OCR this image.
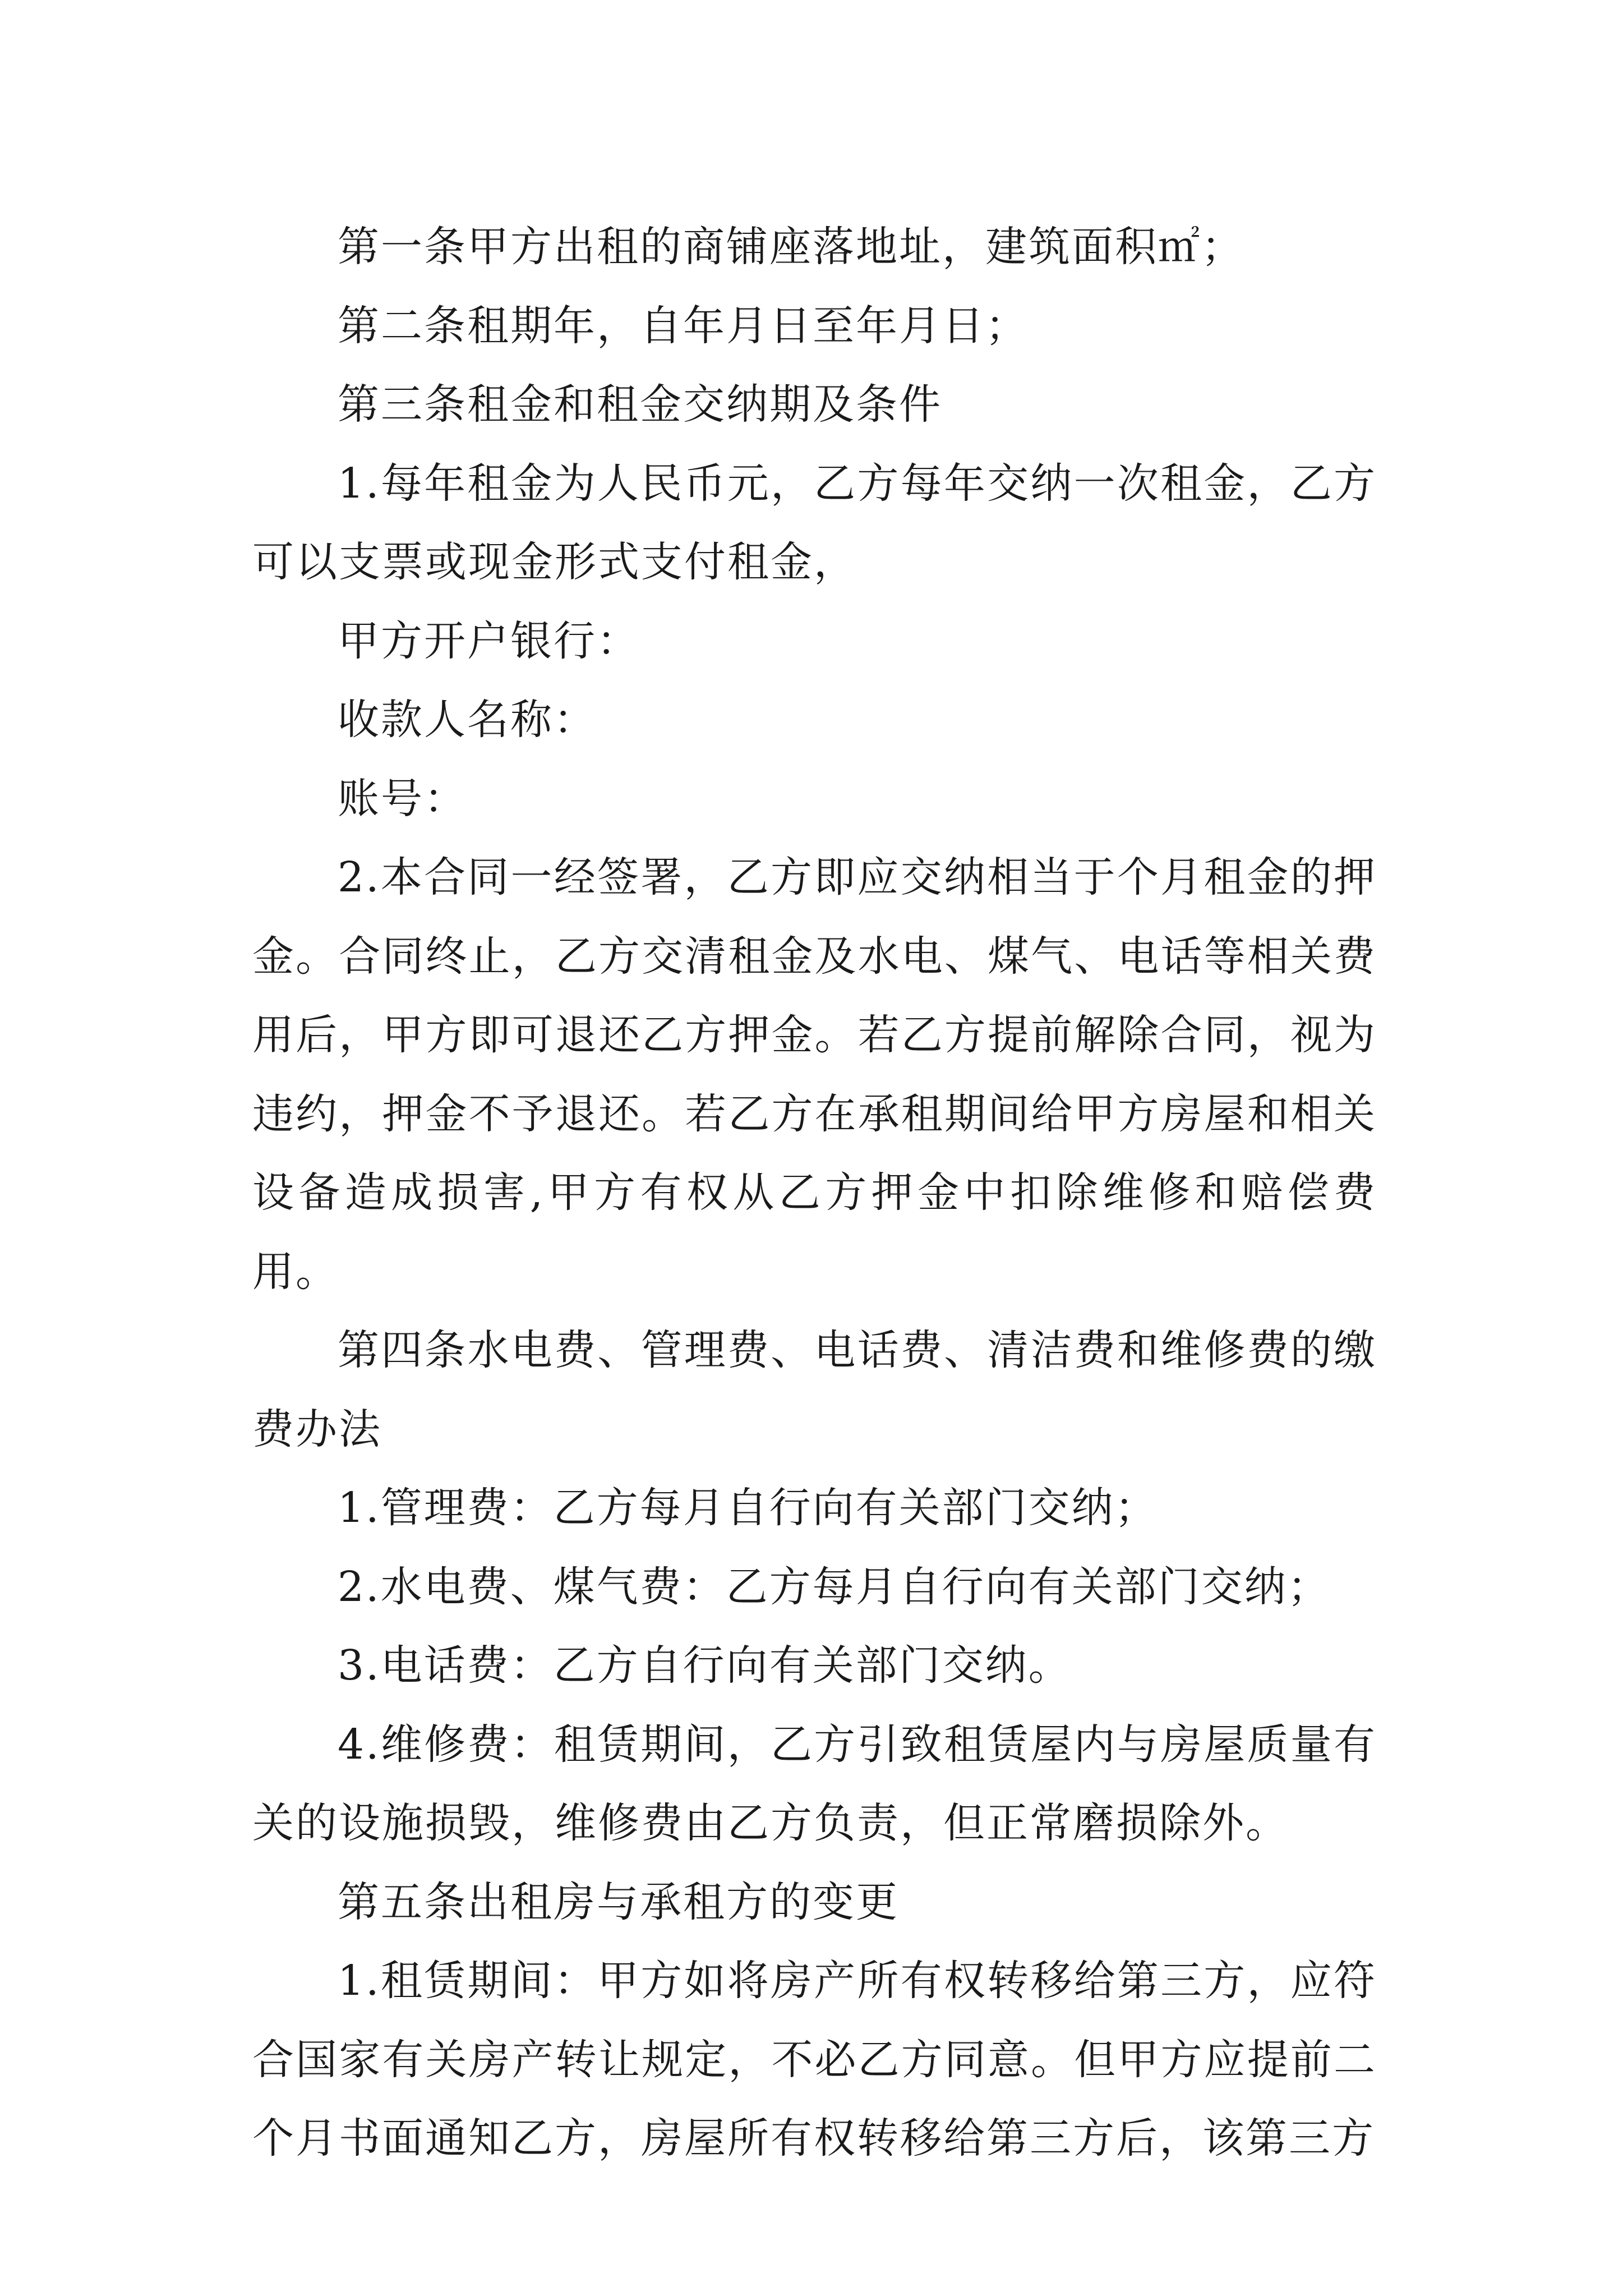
第一条甲方出租的商铺座落地址，建筑面积㎡；

第二条租期年，自年月日至年月日；

第三条租金和租金交纳期及条件

1.每年租金为人民币元，乙方每年交纳一次租金，乙方可以支票或现金形式支付租金，

甲方开户银行：

收款人名称：

账号：

2.本合同一经签署，乙方即应交纳相当于个月租金的押金。合同终止，乙方交清租金及水电、煤气、电话等相关费用后，甲方即可退还乙方押金。若乙方提前解除合同，视为违约，押金不予退还。若乙方在承租期间给甲方房屋和相关设备造成损害,甲方有权从乙方押金中扣除维修和赔偿费用。

第四条水电费、管理费、电话费、清洁费和维修费的缴费办法

1.管理费：乙方每月自行向有关部门交纳；

2.水电费、煤气费：乙方每月自行向有关部门交纳；

3.电话费：乙方自行向有关部门交纳。

4.维修费：租赁期间，乙方引致租赁屋内与房屋质量有关的设施损毁，维修费由乙方负责，但正常磨损除外。

第五条出租房与承租方的变更

1.租赁期间：甲方如将房产所有权转移给第三方，应符合国家有关房产转让规定，不必乙方同意。但甲方应提前二个月书面通知乙方，房屋所有权转移给第三方后，该第三方
